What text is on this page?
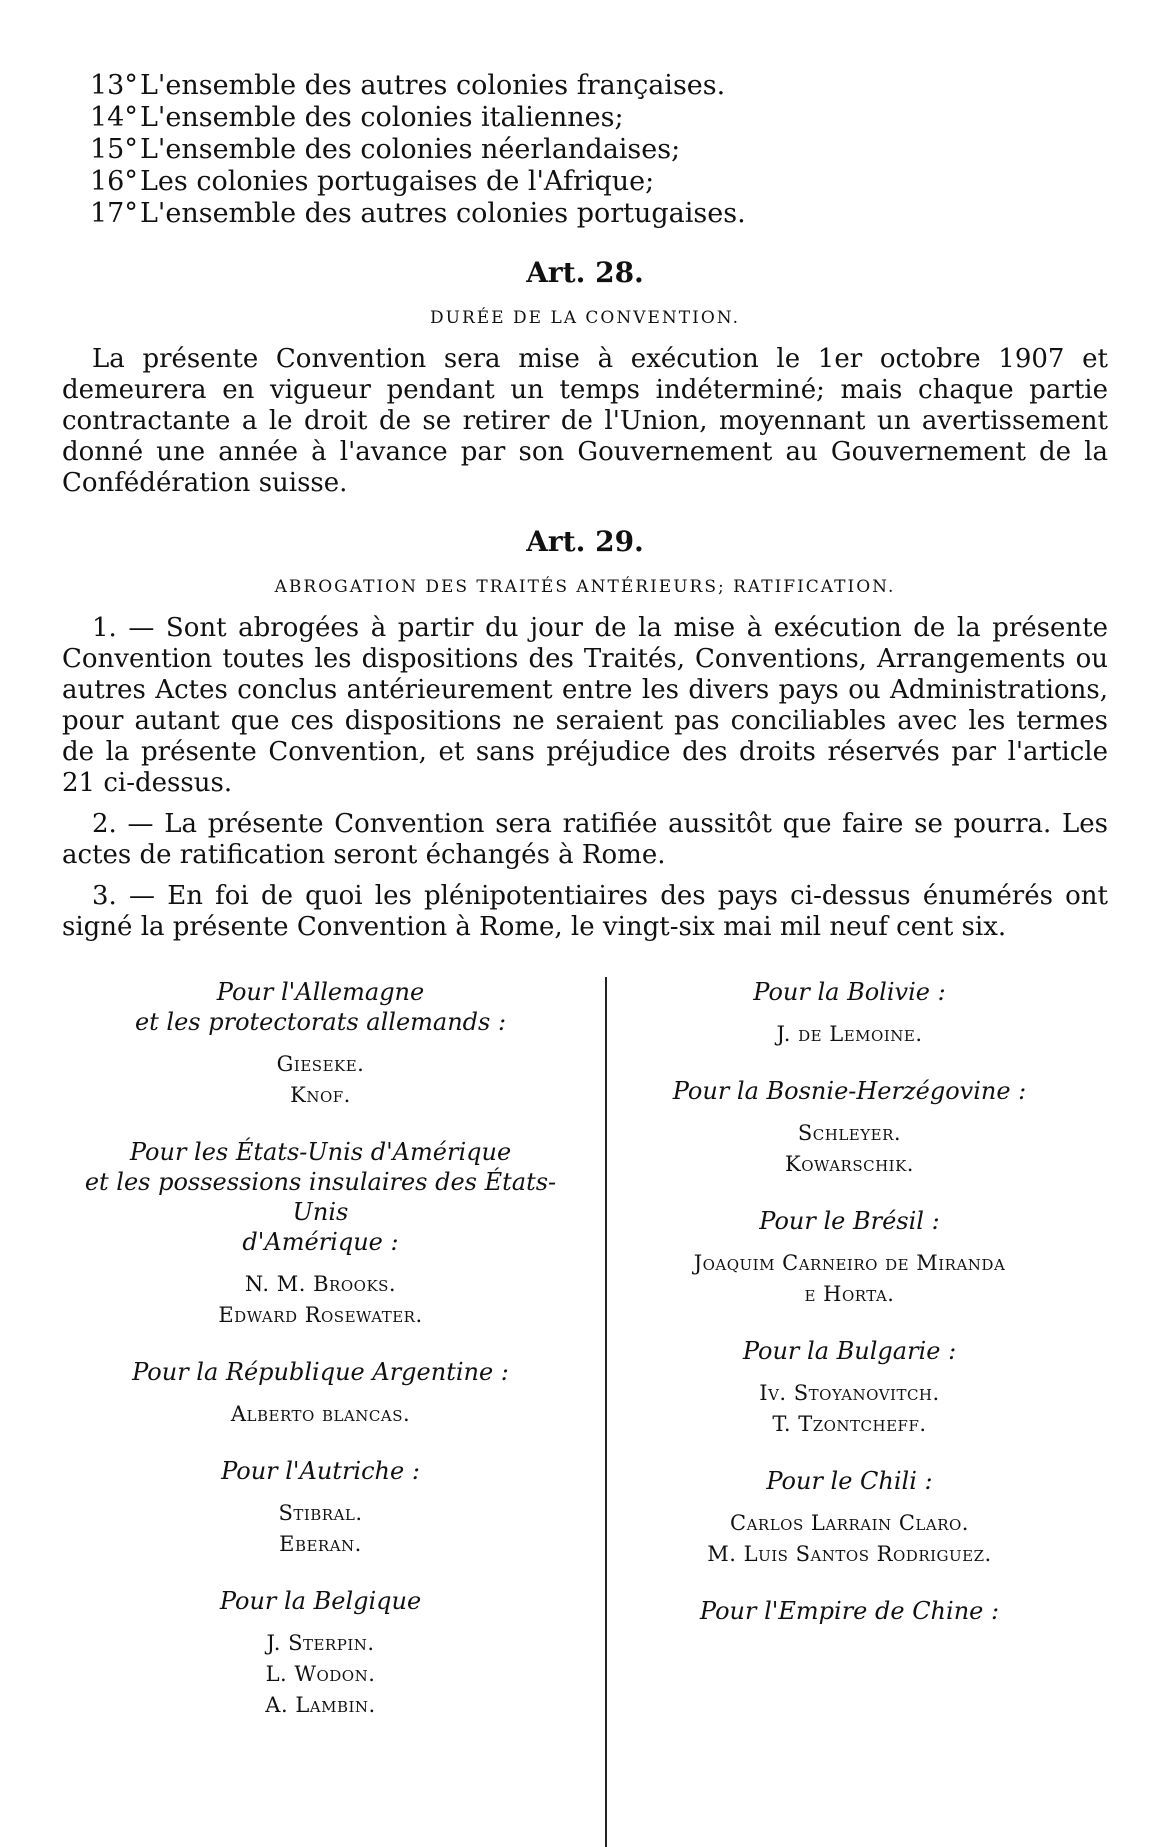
13°L'ensemble des autres colonies françaises.
14°L'ensemble des colonies italiennes;
15°L'ensemble des colonies néerlandaises;
16°Les colonies portugaises de l'Afrique;
17°L'ensemble des autres colonies portugaises.
Art. 28.
DURÉE DE LA CONVENTION.
La présente Convention sera mise à exécution le 1er octobre 1907 et demeurera en vigueur pendant un temps indéterminé; mais chaque partie contractante a le droit de se retirer de l'Union, moyennant un avertissement donné une année à l'avance par son Gouvernement au Gouvernement de la Confédération suisse.
Art. 29.
ABROGATION DES TRAITÉS ANTÉRIEURS; RATIFICATION.
1. — Sont abrogées à partir du jour de la mise à exécution de la présente Convention toutes les dispositions des Traités, Conventions, Arrangements ou autres Actes conclus antérieurement entre les divers pays ou Administrations, pour autant que ces dispositions ne seraient pas conciliables avec les termes de la présente Convention, et sans préjudice des droits réservés par l'article 21 ci-dessus.
2. — La présente Convention sera ratifiée aussitôt que faire se pourra. Les actes de ratification seront échangés à Rome.
3. — En foi de quoi les plénipotentiaires des pays ci-dessus énumérés ont signé la présente Convention à Rome, le vingt-six mai mil neuf cent six.
Pour l'Allemagne
et les protectorats allemands :
Gieseke.
Knof.
Pour les États-Unis d'Amérique
et les possessions insulaires des États-Unis
d'Amérique :
N. M. Brooks.
Edward Rosewater.
Pour la République Argentine :
Alberto blancas.
Pour l'Autriche :
Stibral.
Eberan.
Pour la Belgique
J. Sterpin.
L. Wodon.
A. Lambin.
Pour la Bolivie :
J. de Lemoine.
Pour la Bosnie-Herzégovine :
Schleyer.
Kowarschik.
Pour le Brésil :
Joaquim Carneiro de Miranda
e Horta.
Pour la Bulgarie :
Iv. Stoyanovitch.
T. Tzontcheff.
Pour le Chili :
Carlos Larrain Claro.
M. Luis Santos Rodriguez.
Pour l'Empire de Chine :
